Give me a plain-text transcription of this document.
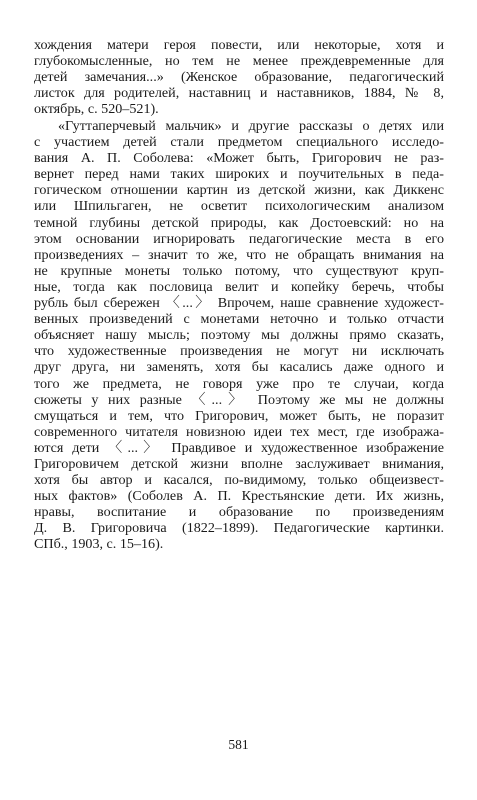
хождения матери героя повести, или некоторые, хотя и
глубокомысленные, но тем не менее преждевременные для
детей замечания...» (Женское образование, педагогический
листок для родителей, наставниц и наставников, 1884, № 8,
октябрь, с. 520–521).
«Гуттаперчевый мальчик» и другие рассказы о детях или
с участием детей стали предметом специального исследо-
вания А. П. Соболева: «Может быть, Григорович не раз-
вернет перед нами таких широких и поучительных в педа-
гогическом отношении картин из детской жизни, как Диккенс
или Шпильгаген, не осветит психологическим анализом
темной глубины детской природы, как Достоевский: но на
этом основании игнорировать педагогические места в его
произведениях – значит то же, что не обращать внимания на
не крупные монеты только потому, что существуют круп-
ные, тогда как пословица велит и копейку беречь, чтобы
рубль был сбережен 〈...〉 Впрочем, наше сравнение художест-
венных произведений с монетами неточно и только отчасти
объясняет нашу мысль; поэтому мы должны прямо сказать,
что художественные произведения не могут ни исключать
друг друга, ни заменять, хотя бы касались даже одного и
того же предмета, не говоря уже про те случаи, когда
сюжеты у них разные 〈...〉 Поэтому же мы не должны
смущаться и тем, что Григорович, может быть, не поразит
современного читателя новизною идеи тех мест, где изобража-
ются дети 〈...〉 Правдивое и художественное изображение
Григоровичем детской жизни вполне заслуживает внимания,
хотя бы автор и касался, по-видимому, только общеизвест-
ных фактов» (Соболев А. П. Крестьянские дети. Их жизнь,
нравы, воспитание и образование по произведениям
Д. В. Григоровича (1822–1899). Педагогические картинки.
СПб., 1903, с. 15–16).
581
